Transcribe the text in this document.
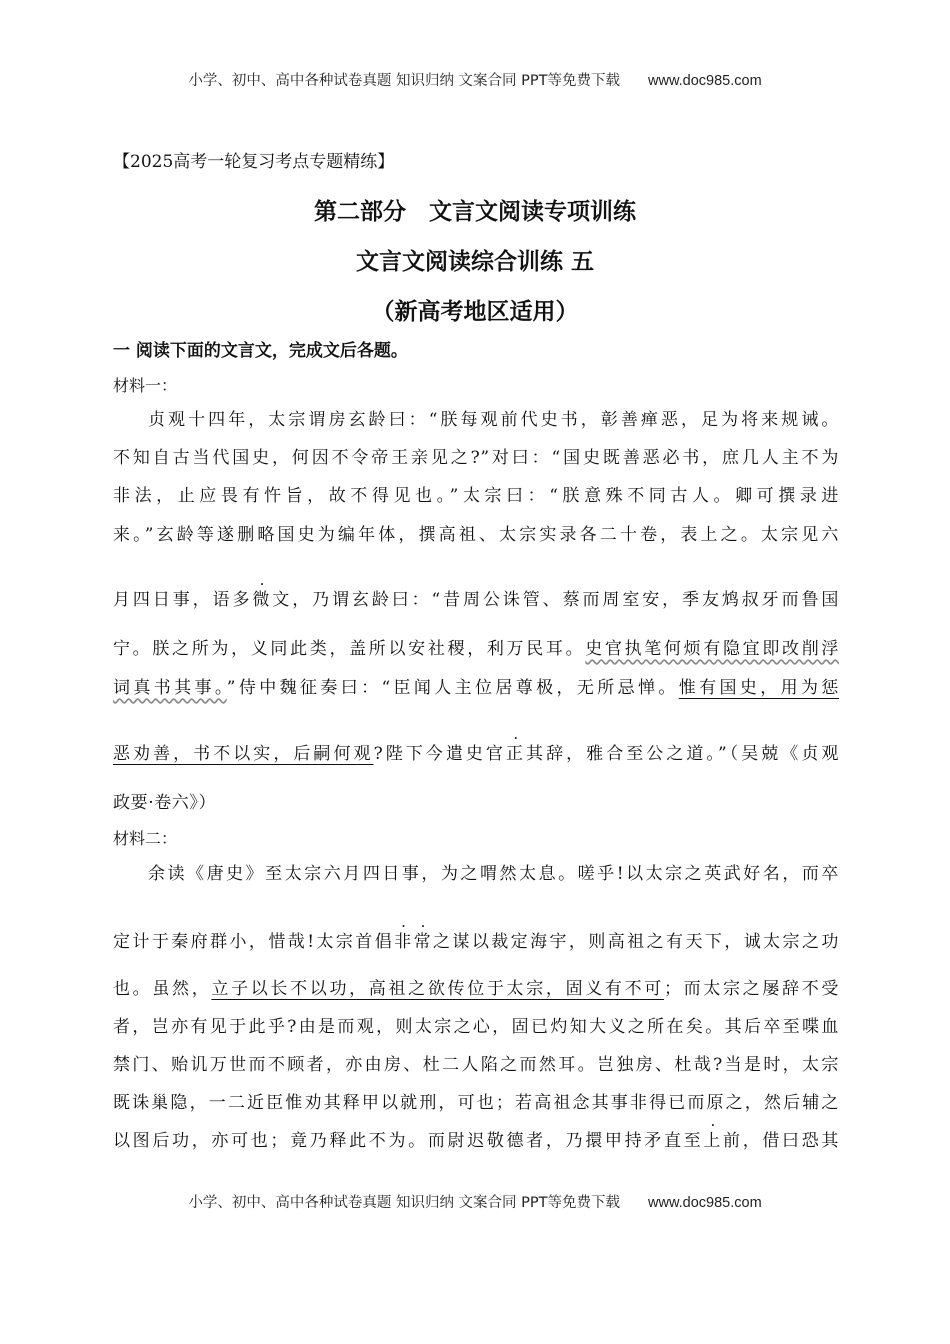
小学、初中、高中各种试卷真题 知识归纳 文案合同 PPT等免费下载 www.doc985.com
【2025高考一轮复习考点专题精练】
第二部分　文言文阅读专项训练
文言文阅读综合训练 五
（新高考地区适用）
一 阅读下面的文言文，完成文后各题。
材料一：
贞观十四年，太宗谓房玄龄曰：“朕每观前代史书，彰善瘅恶，足为将来规诫。
不知自古当代国史，何因不令帝王亲见之?”对曰：“国史既善恶必书，庶几人主不为
非法，止应畏有忤旨，故不得见也。”太宗曰：“朕意殊不同古人。卿可撰录进
来。”玄龄等遂删略国史为编年体，撰高祖、太宗实录各二十卷，表上之。太宗见六
月四日事，语多微文，乃谓玄龄曰：“昔周公诛管、蔡而周室安，季友鸩叔牙而鲁国
宁。朕之所为，义同此类，盖所以安社稷，利万民耳。史官执笔何烦有隐宜即改削浮
词真书其事。”侍中魏征奏曰：“臣闻人主位居尊极，无所忌惮。惟有国史，用为惩
恶劝善，书不以实，后嗣何观?陛下今遣史官正其辞，雅合至公之道。”（吴兢《贞观
政要·卷六》）
材料二：
余读《唐史》至太宗六月四日事，为之喟然太息。嗟乎!以太宗之英武好名，而卒
定计于秦府群小，惜哉!太宗首倡非常之谋以裁定海宇，则高祖之有天下，诚太宗之功
也。虽然，立子以长不以功，高祖之欲传位于太宗，固义有不可；而太宗之屡辞不受
者，岂亦有见于此乎?由是而观，则太宗之心，固已灼知大义之所在矣。其后卒至喋血
禁门、贻讥万世而不顾者，亦由房、杜二人陷之而然耳。岂独房、杜哉?当是时，太宗
既诛巢隐，一二近臣惟劝其释甲以就刑，可也；若高祖念其事非得已而原之，然后辅之
以图后功，亦可也；竟乃释此不为。而尉迟敬德者，乃擐甲持矛直至上前，借曰恐其
小学、初中、高中各种试卷真题 知识归纳 文案合同 PPT等免费下载 www.doc985.com
